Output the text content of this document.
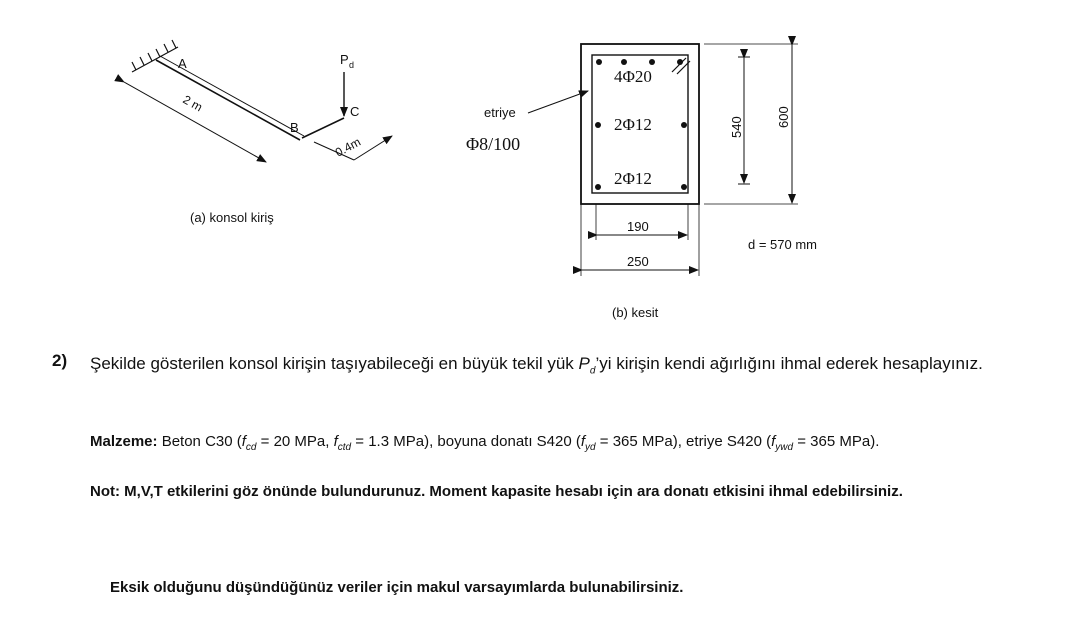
A
B
C
P d
2 m
0.4m
(a) konsol kiriş
4Φ20
2Φ12
2Φ12
etriye
Φ8/100
540 600
190
250
d = 570 mm
(b) kesit
2) Şekilde gösterilen konsol kirişin taşıyabileceği en büyük tekil yük $P_d’yi$ kirişin kendi ağırlığını ihmal ederek hesaplayınız.
Malzeme: Beton C30 ($f_{cd} = 20$ MPa, $f_{ctd} = 1.3$ MPa), boyuna donatı S420 ($f_{yd} = 365$ MPa), etriye S420 ($f_{ywd} = 365$ MPa).
Not: M,V,T etkilerini göz önünde bulundurunuz. Moment kapasite hesabı için ara donatı etkisini ihmal edebilirsiniz.
Eksik olduğunu düşündüğünüz veriler için makul varsayımlarda bulunabilirsiniz.
